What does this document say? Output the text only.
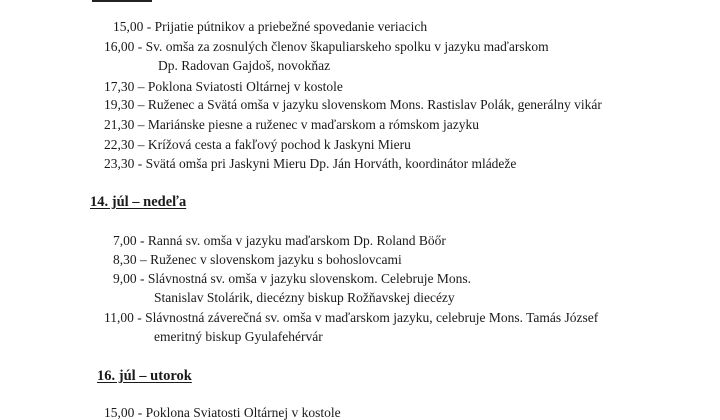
15,00 - Prijatie pútnikov a priebežné spovedanie veriacich
16,00 - Sv. omša za zosnulých členov škapuliarskeho spolku v jazyku maďarskom
Dp. Radovan Gajdoš, novokňaz
17,30 – Poklona Sviatosti Oltárnej v kostole
19,30 – Ruženec a Svätá omša v jazyku slovenskom Mons. Rastislav Polák, generálny vikár
21,30 – Mariánske piesne a ruženec v maďarskom a rómskom jazyku
22,30 – Krížová cesta a fakľový pochod k Jaskyni Mieru
23,30 - Svätá omša pri Jaskyni Mieru Dp. Ján Horváth, koordinátor mládeže
14. júl – nedeľa
7,00 - Ranná sv. omša v jazyku maďarskom Dp. Roland Böőr
8,30 – Ruženec v slovenskom jazyku s bohoslovcami
9,00 - Slávnostná sv. omša v jazyku slovenskom. Celebruje Mons.
Stanislav Stolárik, diecézny biskup Rožňavskej diecézy
11,00 - Slávnostná záverečná sv. omša v maďarskom jazyku, celebruje Mons. Tamás József
emeritný biskup Gyulafehérvár
16. júl – utorok
15,00 - Poklona Sviatosti Oltárnej v kostole
